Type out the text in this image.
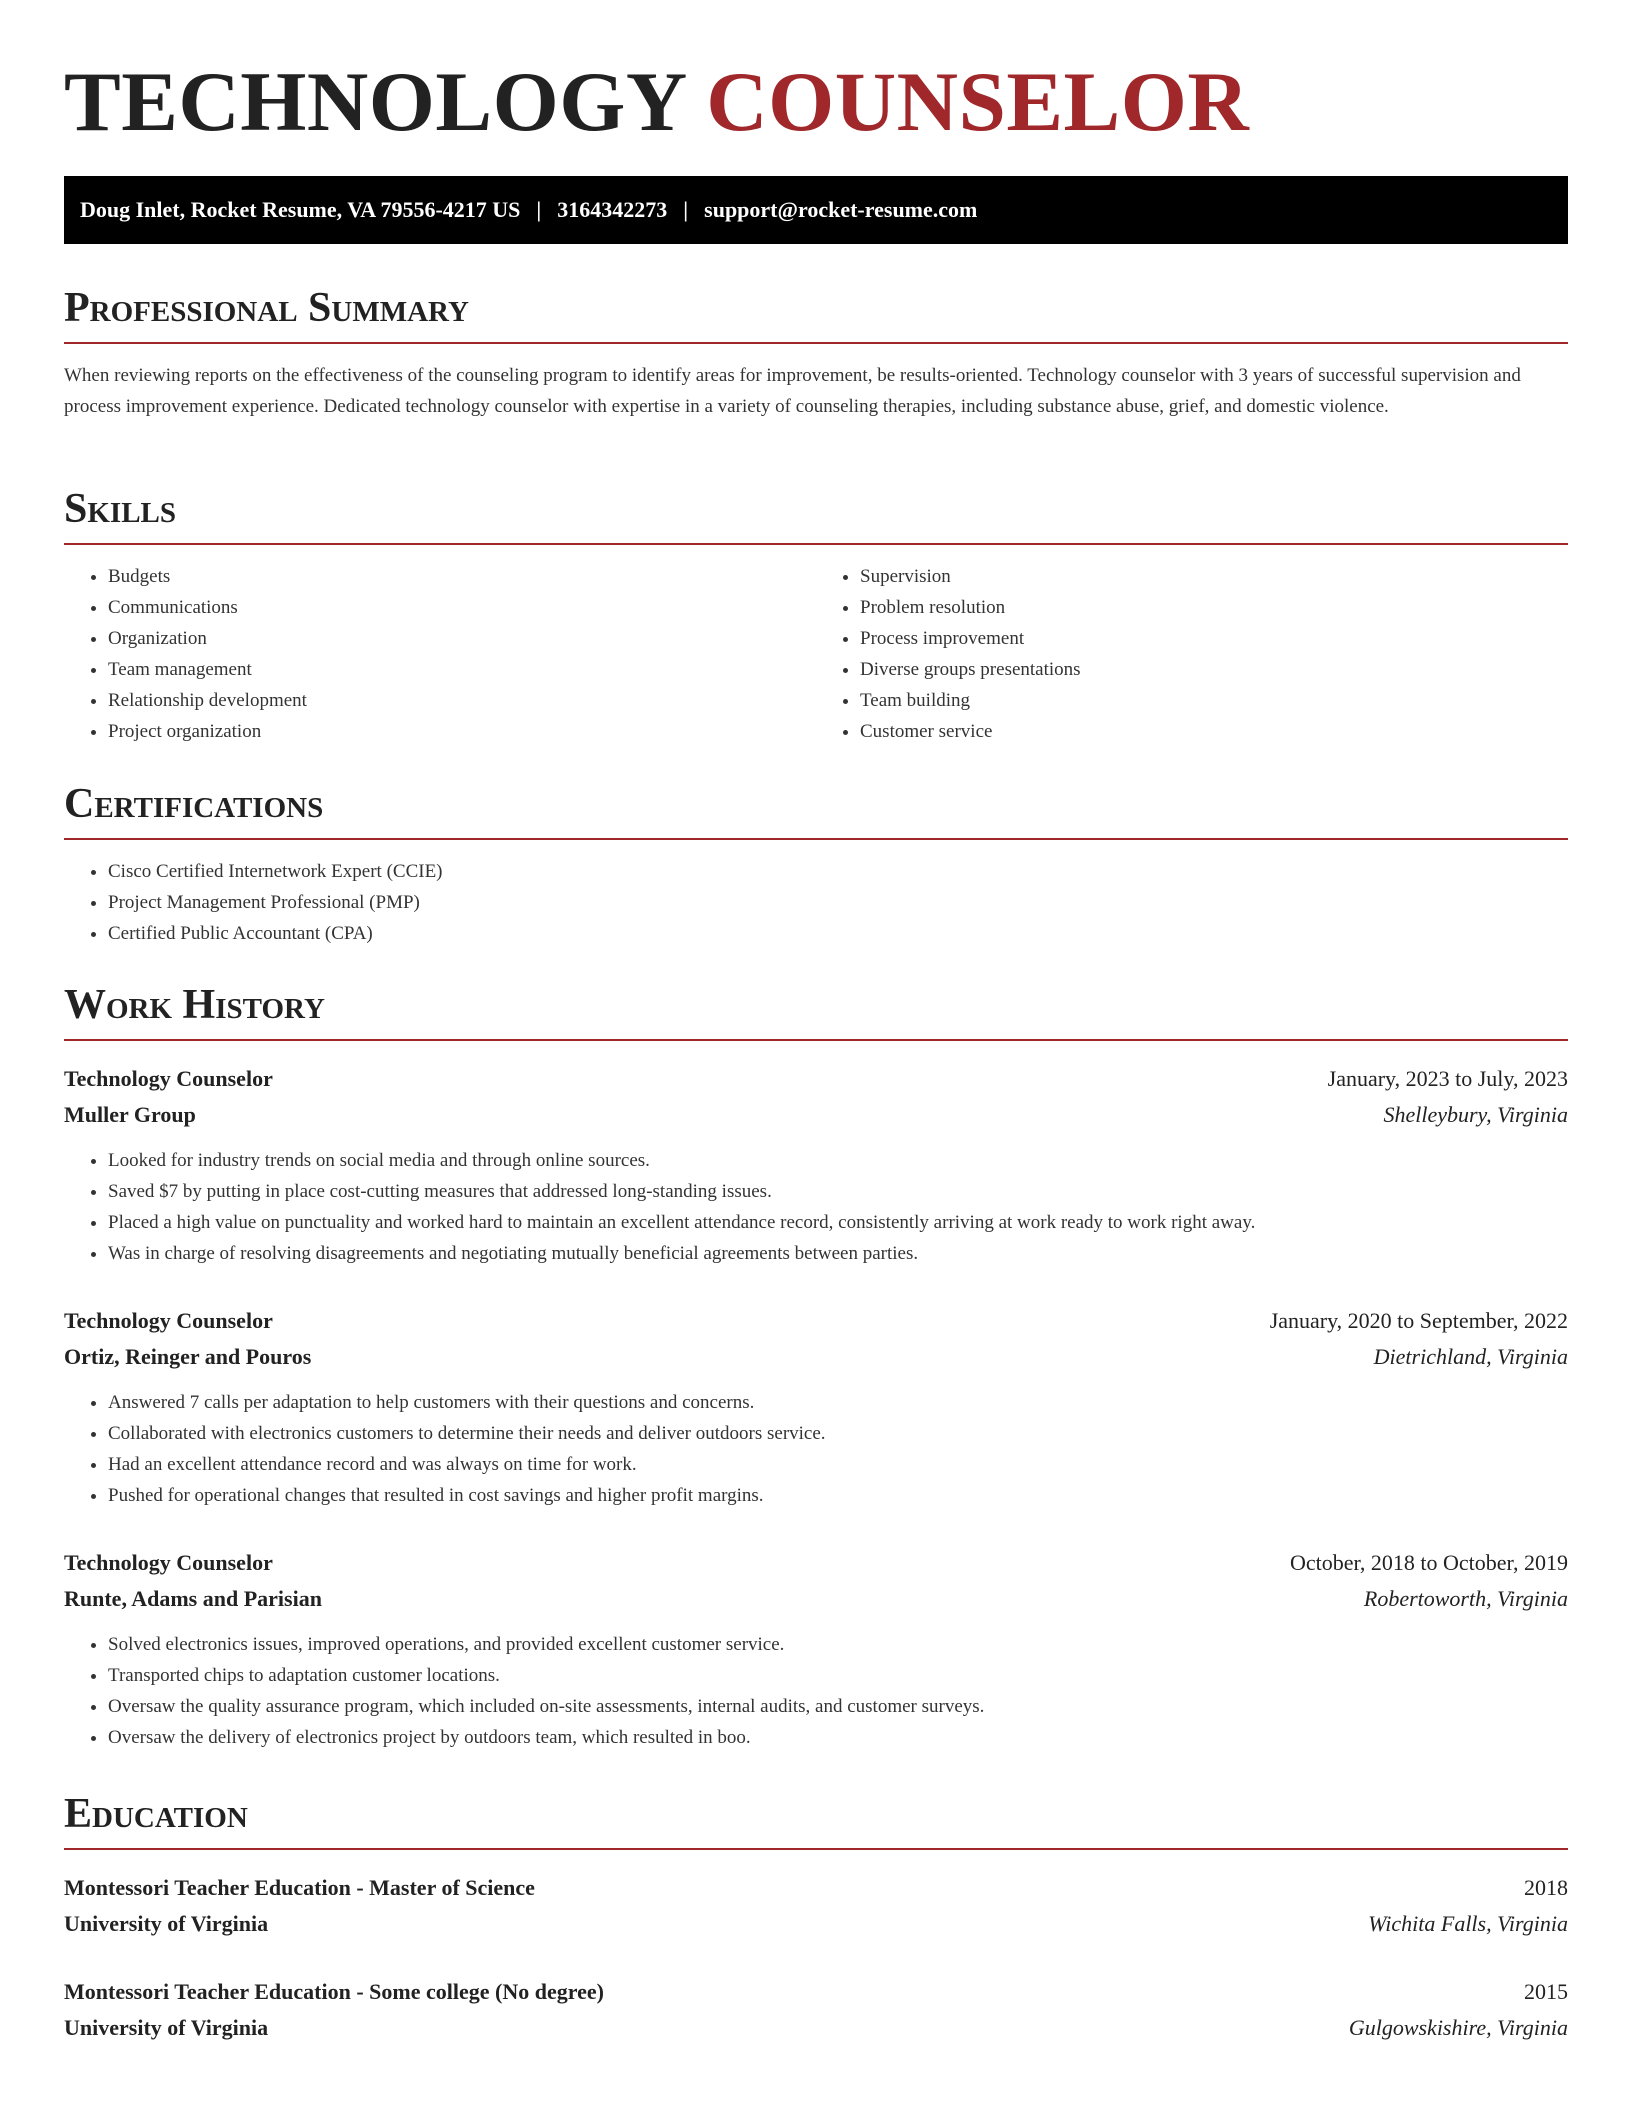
TECHNOLOGY COUNSELOR
Doug Inlet, Rocket Resume, VA 79556-4217 US | 3164342273 | support@rocket-resume.com
Professional Summary

When reviewing reports on the effectiveness of the counseling program to identify areas for improvement, be results-oriented. Technology counselor with 3 years of successful supervision and process improvement experience. Dedicated technology counselor with expertise in a variety of counseling therapies, including substance abuse, grief, and domestic violence.

Skills
• Budgets
• Communications
• Organization
• Team management
• Relationship development
• Project organization
• Supervision
• Problem resolution
• Process improvement
• Diverse groups presentations
• Team building
• Customer service
Certifications
• Cisco Certified Internetwork Expert (CCIE)
• Project Management Professional (PMP)
• Certified Public Accountant (CPA)
Work History
Technology Counselor	January, 2023 to July, 2023
Muller Group	Shelleybury, Virginia
• Looked for industry trends on social media and through online sources.
• Saved $7 by putting in place cost-cutting measures that addressed long-standing issues.
• Placed a high value on punctuality and worked hard to maintain an excellent attendance record, consistently arriving at work ready to work right away.
• Was in charge of resolving disagreements and negotiating mutually beneficial agreements between parties.
Technology Counselor	January, 2020 to September, 2022
Ortiz, Reinger and Pouros	Dietrichland, Virginia
• Answered 7 calls per adaptation to help customers with their questions and concerns.
• Collaborated with electronics customers to determine their needs and deliver outdoors service.
• Had an excellent attendance record and was always on time for work.
• Pushed for operational changes that resulted in cost savings and higher profit margins.
Technology Counselor	October, 2018 to October, 2019
Runte, Adams and Parisian	Robertoworth, Virginia
• Solved electronics issues, improved operations, and provided excellent customer service.
• Transported chips to adaptation customer locations.
• Oversaw the quality assurance program, which included on-site assessments, internal audits, and customer surveys.
• Oversaw the delivery of electronics project by outdoors team, which resulted in boo.
Education
Montessori Teacher Education - Master of Science	2018
University of Virginia	Wichita Falls, Virginia
Montessori Teacher Education - Some college (No degree)	2015
University of Virginia	Gulgowskishire, Virginia
